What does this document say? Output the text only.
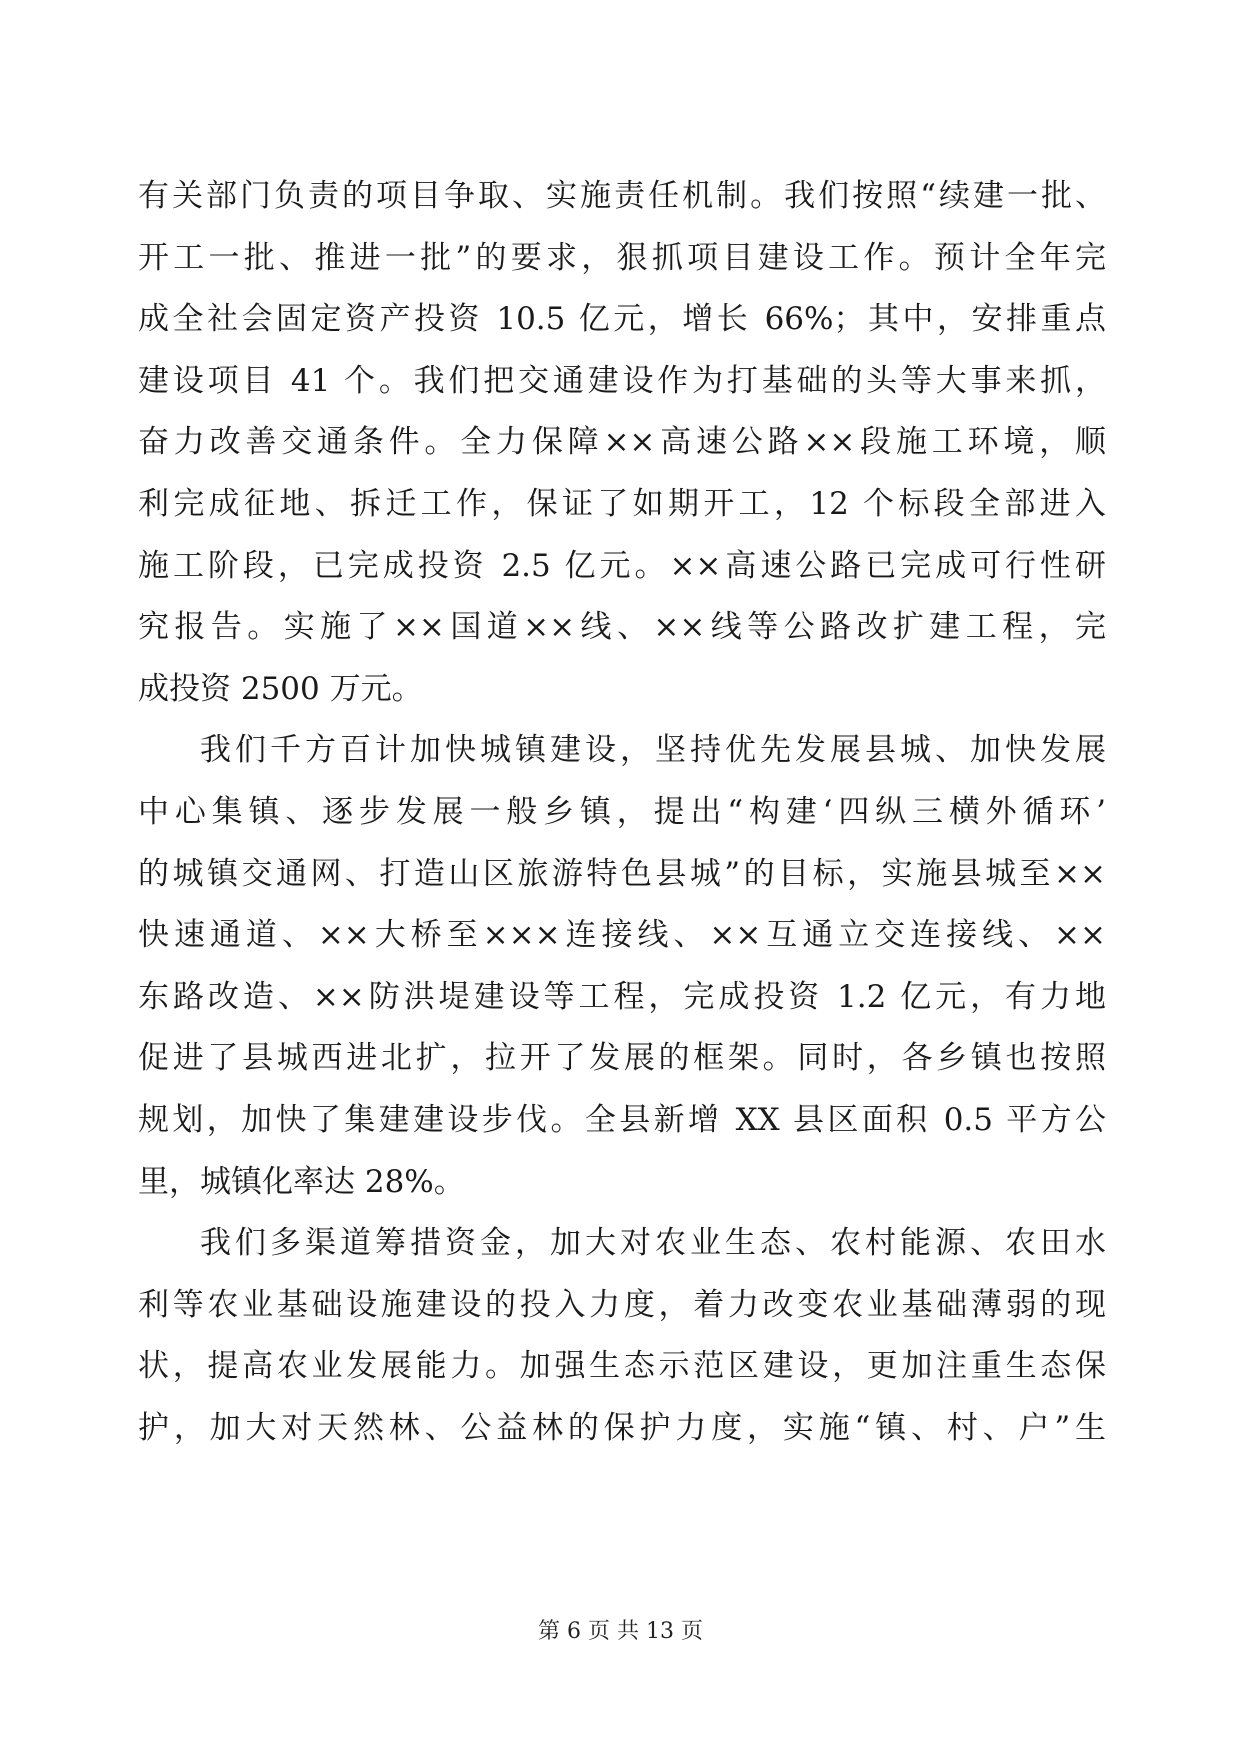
有关部门负责的项目争取、实施责任机制。我们按照“续建一批、
开工一批、推进一批”的要求，狠抓项目建设工作。预计全年完
成全社会固定资产投资 10.5 亿元，增长 66%；其中，安排重点
建设项目 41 个。我们把交通建设作为打基础的头等大事来抓，
奋力改善交通条件。全力保障××高速公路××段施工环境，顺
利完成征地、拆迁工作，保证了如期开工，12 个标段全部进入
施工阶段，已完成投资 2.5 亿元。××高速公路已完成可行性研
究报告。实施了××国道××线、××线等公路改扩建工程，完
成投资 2500 万元。
我们千方百计加快城镇建设，坚持优先发展县城、加快发展
中心集镇、逐步发展一般乡镇，提出“构建‘四纵三横外循环’
的城镇交通网、打造山区旅游特色县城”的目标，实施县城至××
快速通道、××大桥至×××连接线、××互通立交连接线、××
东路改造、××防洪堤建设等工程，完成投资 1.2 亿元，有力地
促进了县城西进北扩，拉开了发展的框架。同时，各乡镇也按照
规划，加快了集建建设步伐。全县新增 XX 县区面积 0.5 平方公
里，城镇化率达 28%。
我们多渠道筹措资金，加大对农业生态、农村能源、农田水
利等农业基础设施建设的投入力度，着力改变农业基础薄弱的现
状，提高农业发展能力。加强生态示范区建设，更加注重生态保
护，加大对天然林、公益林的保护力度，实施“镇、村、户”生
第 6 页 共 13 页
